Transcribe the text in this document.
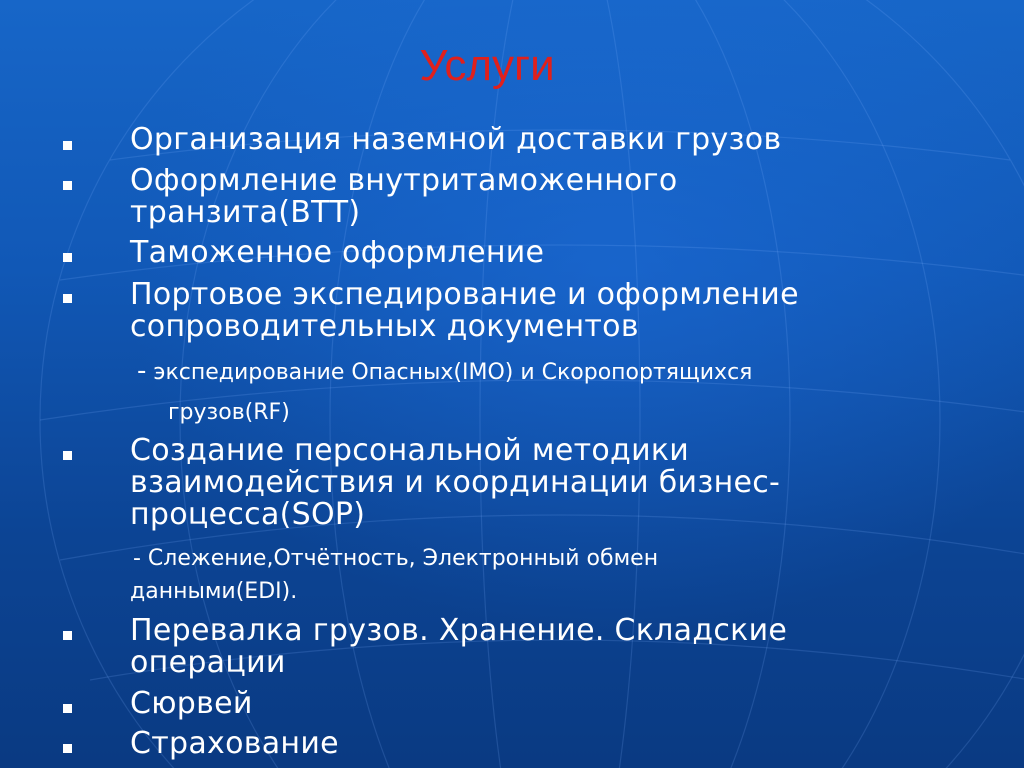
Услуги
Организация наземной доставки грузов
Оформление внутритаможенного
транзита(ВТТ)
Таможенное оформление
Портовое экспедирование и оформление
сопроводительных документов
- экспедирование Опасных(IMO) и Скоропортящихся
грузов(RF)
Создание персональной методики
взаимодействия и координации бизнес-
процесса(SOP)
- Слежение,Отчётность, Электронный обмен
данными(EDI).
Перевалка грузов. Хранение. Складские
операции
Сюрвей
Страхование
